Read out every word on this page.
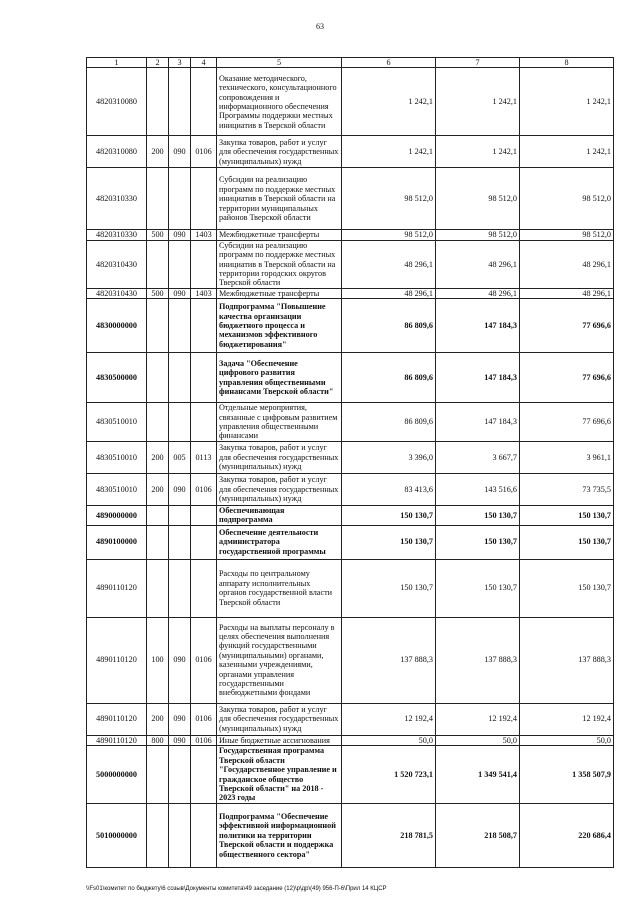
63
1	2	3	4	5	6	7	8
4820310080				Оказание методического, технического, консультационного сопровождения и информационного обеспечения Программы поддержки местных инициатив в Тверской области	1 242,1	1 242,1	1 242,1
4820310080	200	090	0106	Закупка товаров, работ и услуг для обеспечения государственных (муниципальных) нужд	1 242,1	1 242,1	1 242,1
4820310330				Субсидии на реализацию программ по поддержке местных инициатив в Тверской области на территории муниципальных районов Тверской области	98 512,0	98 512,0	98 512,0
4820310330	500	090	1403	Межбюджетные трансферты	98 512,0	98 512,0	98 512,0
4820310430				Субсидии на реализацию программ по поддержке местных инициатив в Тверской области на территории городских округов Тверской области	48 296,1	48 296,1	48 296,1
4820310430	500	090	1403	Межбюджетные трансферты	48 296,1	48 296,1	48 296,1
4830000000				Подпрограмма "Повышение качества организации бюджетного процесса и механизмов эффективного бюджетирования"	86 809,6	147 184,3	77 696,6
4830500000				Задача "Обеспечение цифрового развития управления общественными финансами Тверской области"	86 809,6	147 184,3	77 696,6
4830510010				Отдельные мероприятия, связанные с цифровым развитием управления общественными финансами	86 809,6	147 184,3	77 696,6
4830510010	200	005	0113	Закупка товаров, работ и услуг для обеспечения государственных (муниципальных) нужд	3 396,0	3 667,7	3 961,1
4830510010	200	090	0106	Закупка товаров, работ и услуг для обеспечения государственных (муниципальных) нужд	83 413,6	143 516,6	73 735,5
4890000000				Обеспечивающая подпрограмма	150 130,7	150 130,7	150 130,7
4890100000				Обеспечение деятельности администратора государственной программы	150 130,7	150 130,7	150 130,7
4890110120				Расходы по центральному аппарату исполнительных органов государственной власти Тверской области	150 130,7	150 130,7	150 130,7
4890110120	100	090	0106	Расходы на выплаты персоналу в целях обеспечения выполнения функций государственными (муниципальными) органами, казенными учреждениями, органами управления государственными внебюджетными фондами	137 888,3	137 888,3	137 888,3
4890110120	200	090	0106	Закупка товаров, работ и услуг для обеспечения государственных (муниципальных) нужд	12 192,4	12 192,4	12 192,4
4890110120	800	090	0106	Иные бюджетные ассигнования	50,0	50,0	50,0
5000000000				Государственная программа Тверской области "Государственное управление и гражданское общество Тверской области" на 2018 - 2023 годы	1 520 723,1	1 349 541,4	1 358 507,9
5010000000				Подпрограмма "Обеспечение эффективной информационной политики на территории Тверской области и поддержка общественного сектора"	218 781,5	218 508,7	220 686,4
\\Fs01\комитет по бюджету\6 созыв\Документы комитета\49 заседание (12)\р\др\(49) 956-П-6\Прил 14 КЦСР
